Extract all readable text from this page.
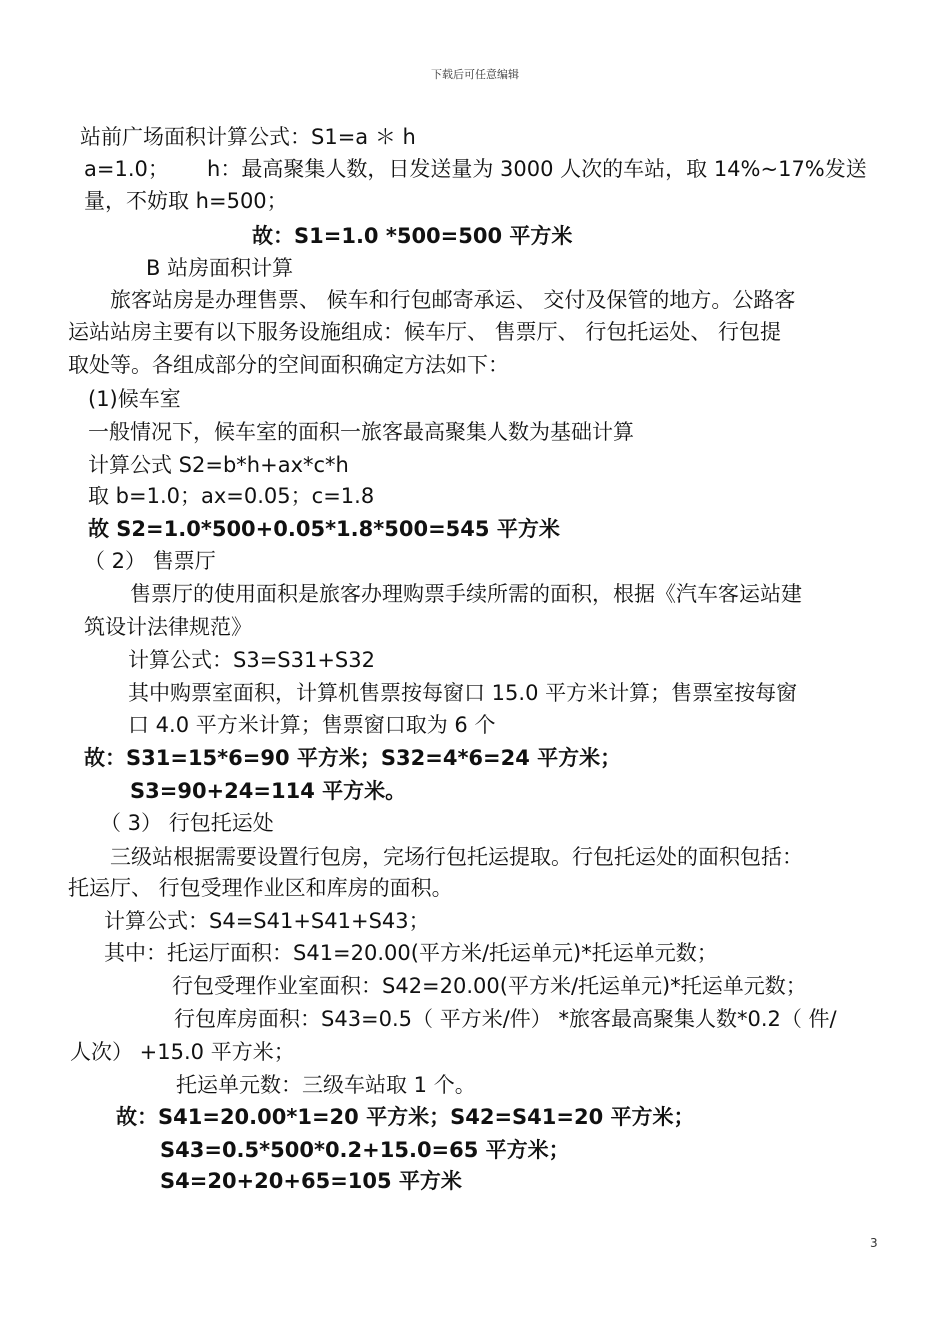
下载后可任意编辑
站前广场面积计算公式：S1=a ＊ h
a=1.0；　　 h：最高聚集人数，日发送量为 3000 人次的车站，取 14%~17%发送
量，不妨取 h=500；
故：S1=1.0 *500=500 平方米
B 站房面积计算
旅客站房是办理售票、 候车和行包邮寄承运、 交付及保管的地方。公路客
运站站房主要有以下服务设施组成：候车厅、 售票厅、 行包托运处、 行包提
取处等。各组成部分的空间面积确定方法如下：
(1)候车室
一般情况下，候车室的面积一旅客最高聚集人数为基础计算
计算公式 S2=b*h+ax*c*h
取 b=1.0；ax=0.05；c=1.8
故 S2=1.0*500+0.05*1.8*500=545 平方米
（ 2） 售票厅
售票厅的使用面积是旅客办理购票手续所需的面积，根据《汽车客运站建
筑设计法律规范》
计算公式：S3=S31+S32
其中购票室面积，计算机售票按每窗口 15.0 平方米计算；售票室按每窗
口 4.0 平方米计算；售票窗口取为 6 个
故：S31=15*6=90 平方米；S32=4*6=24 平方米；
S3=90+24=114 平方米。
（ 3） 行包托运处
三级站根据需要设置行包房，完场行包托运提取。行包托运处的面积包括：
托运厅、 行包受理作业区和库房的面积。
计算公式：S4=S41+S41+S43；
其中：托运厅面积：S41=20.00(平方米/托运单元)*托运单元数；
行包受理作业室面积：S42=20.00(平方米/托运单元)*托运单元数；
行包库房面积：S43=0.5（ 平方米/件） *旅客最高聚集人数*0.2（ 件/
人次） +15.0 平方米；
托运单元数：三级车站取 1 个。
故：S41=20.00*1=20 平方米；S42=S41=20 平方米；
S43=0.5*500*0.2+15.0=65 平方米；
S4=20+20+65=105 平方米
3
